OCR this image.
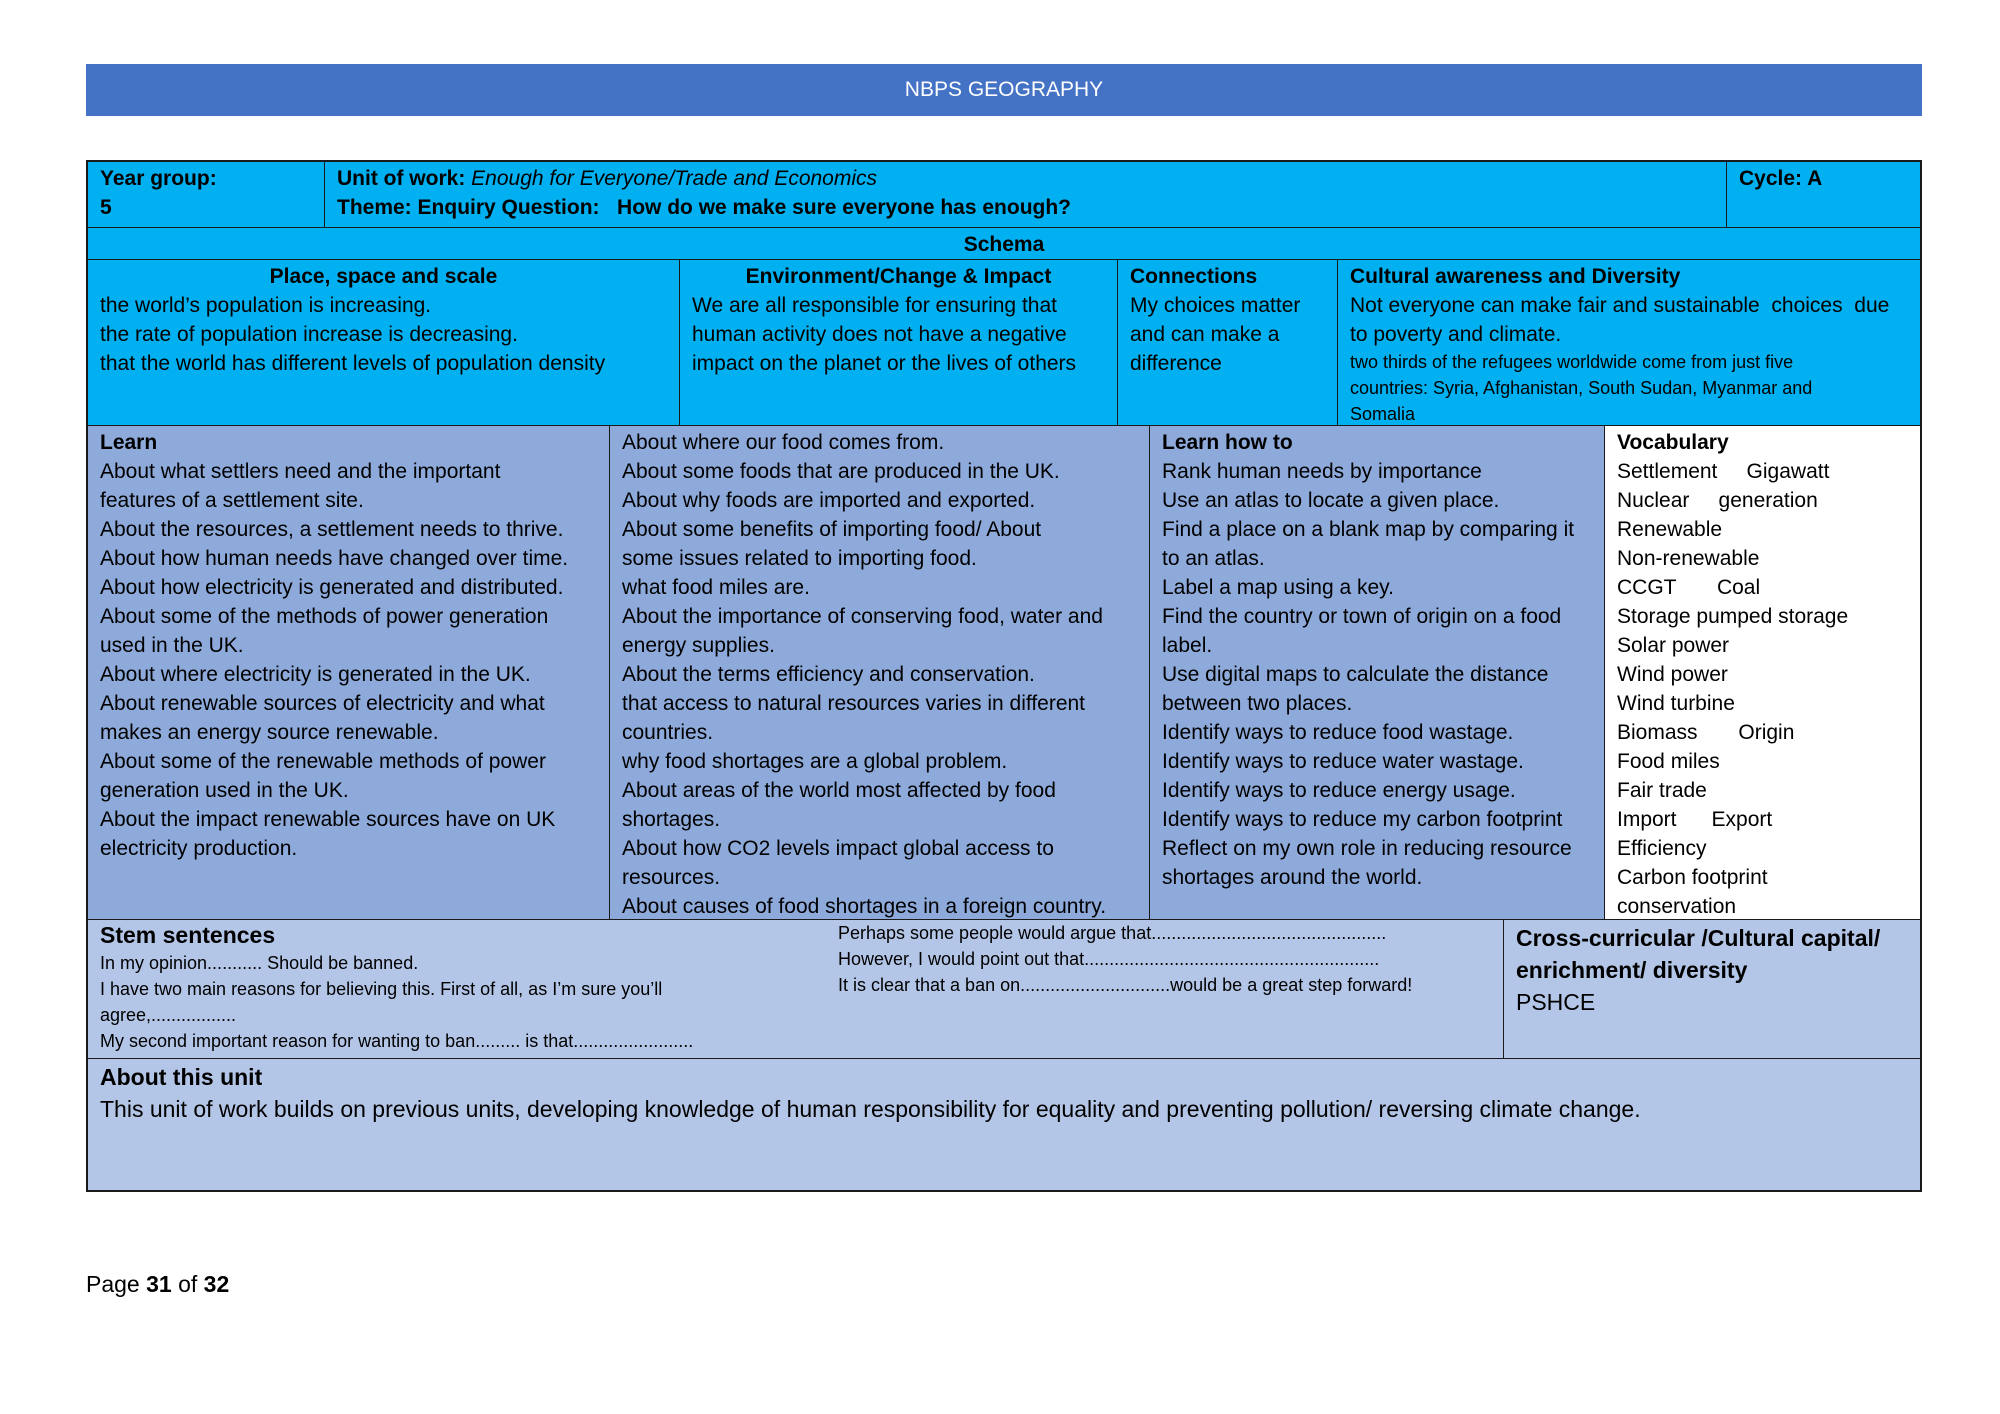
NBPS GEOGRAPHY
Year group:
5
Unit of work: Enough for Everyone/Trade and Economics
Theme: Enquiry Question:   How do we make sure everyone has enough?
Cycle: A
Schema
Place, space and scale
the world’s population is increasing.
the rate of population increase is decreasing.
that the world has different levels of population density
Environment/Change & Impact
We are all responsible for ensuring that
human activity does not have a negative
impact on the planet or the lives of others
Connections
My choices matter
and can make a
difference
Cultural awareness and Diversity
Not everyone can make fair and sustainable  choices  due
to poverty and climate.
two thirds of the refugees worldwide come from just five
countries: Syria, Afghanistan, South Sudan, Myanmar and
Somalia
Learn
About what settlers need and the important
features of a settlement site.
About the resources, a settlement needs to thrive.
About how human needs have changed over time.
About how electricity is generated and distributed.
About some of the methods of power generation
used in the UK.
About where electricity is generated in the UK.
About renewable sources of electricity and what
makes an energy source renewable.
About some of the renewable methods of power
generation used in the UK.
About the impact renewable sources have on UK
electricity production.
About where our food comes from.
About some foods that are produced in the UK.
About why foods are imported and exported.
About some benefits of importing food/ About
some issues related to importing food.
what food miles are.
About the importance of conserving food, water and
energy supplies.
About the terms efficiency and conservation.
that access to natural resources varies in different
countries.
why food shortages are a global problem.
About areas of the world most affected by food
shortages.
About how CO2 levels impact global access to
resources.
About causes of food shortages in a foreign country.
Learn how to
Rank human needs by importance
Use an atlas to locate a given place.
Find a place on a blank map by comparing it
to an atlas.
Label a map using a key.
Find the country or town of origin on a food
label.
Use digital maps to calculate the distance
between two places.
Identify ways to reduce food wastage.
Identify ways to reduce water wastage.
Identify ways to reduce energy usage.
Identify ways to reduce my carbon footprint
Reflect on my own role in reducing resource
shortages around the world.
Vocabulary
Settlement     Gigawatt
Nuclear     generation
Renewable
Non-renewable
CCGT       Coal
Storage pumped storage
Solar power
Wind power
Wind turbine
Biomass       Origin
Food miles
Fair trade
Import      Export
Efficiency
Carbon footprint
conservation
Stem sentences
In my opinion........... Should be banned.
I have two main reasons for believing this. First of all, as I’m sure you’ll
agree,.................
My second important reason for wanting to ban......... is that........................
Perhaps some people would argue that...............................................
However, I would point out that...........................................................
It is clear that a ban on..............................would be a great step forward!
Cross-curricular /Cultural capital/
enrichment/ diversity
PSHCE
About this unit
This unit of work builds on previous units, developing knowledge of human responsibility for equality and preventing pollution/ reversing climate change.
Page 31 of 32
